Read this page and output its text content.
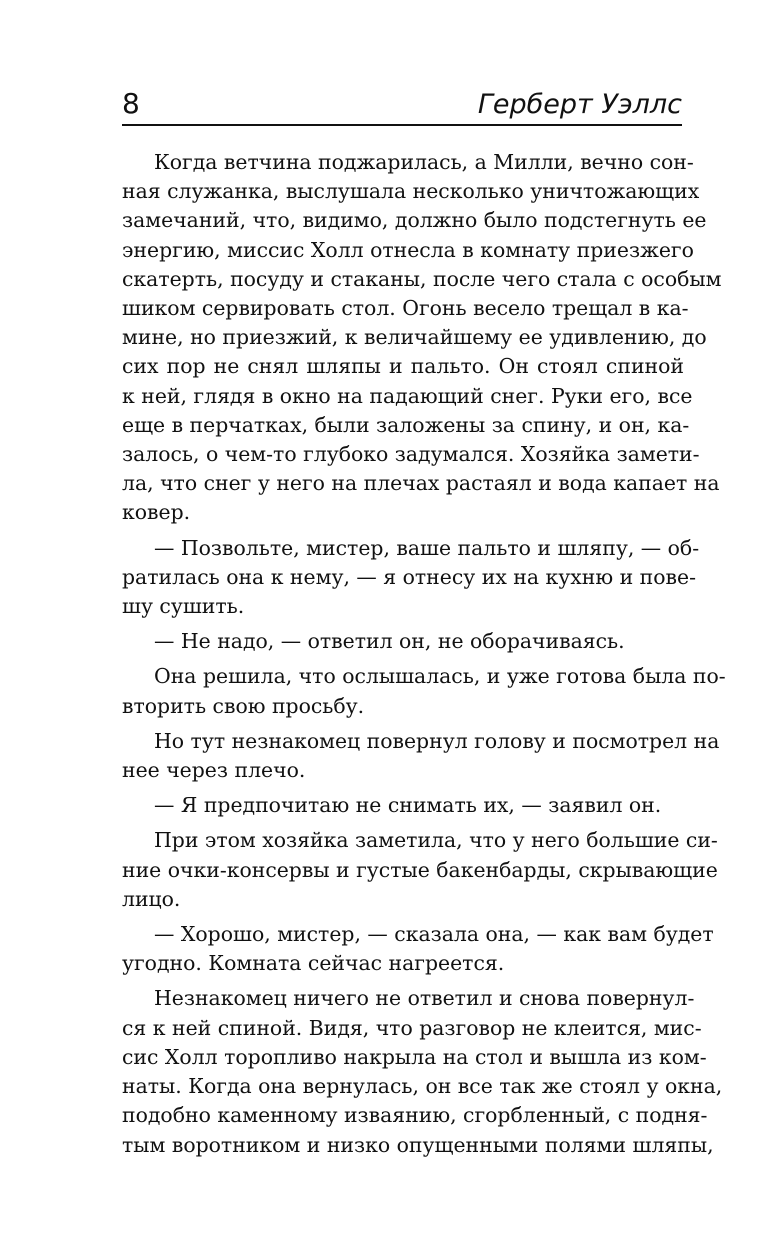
8	Герберт Уэллс
Когда ветчина поджарилась, а Милли, вечно сон-
ная служанка, выслушала несколько уничтожающих
замечаний, что, видимо, должно было подстегнуть ее
энергию, миссис Холл отнесла в комнату приезжего
скатерть, посуду и стаканы, после чего стала с особым
шиком сервировать стол. Огонь весело трещал в ка-
мине, но приезжий, к величайшему ее удивлению, до
сих пор не снял шляпы и пальто. Он стоял спиной
к ней, глядя в окно на падающий снег. Руки его, все
еще в перчатках, были заложены за спину, и он, ка-
залось, о чем-то глубоко задумался. Хозяйка замети-
ла, что снег у него на плечах растаял и вода капает на
ковер.
— Позвольте, мистер, ваше пальто и шляпу, — об-
ратилась она к нему, — я отнесу их на кухню и пове-
шу сушить.
— Не надо, — ответил он, не оборачиваясь.
Она решила, что ослышалась, и уже готова была по-
вторить свою просьбу.
Но тут незнакомец повернул голову и посмотрел на
нее через плечо.
— Я предпочитаю не снимать их, — заявил он.
При этом хозяйка заметила, что у него большие си-
ние очки-консервы и густые бакенбарды, скрывающие
лицо.
— Хорошо, мистер, — сказала она, — как вам будет
угодно. Комната сейчас нагреется.
Незнакомец ничего не ответил и снова повернул-
ся к ней спиной. Видя, что разговор не клеится, мис-
сис Холл торопливо накрыла на стол и вышла из ком-
наты. Когда она вернулась, он все так же стоял у окна,
подобно каменному изваянию, сгорбленный, с подня-
тым воротником и низко опущенными полями шляпы,
